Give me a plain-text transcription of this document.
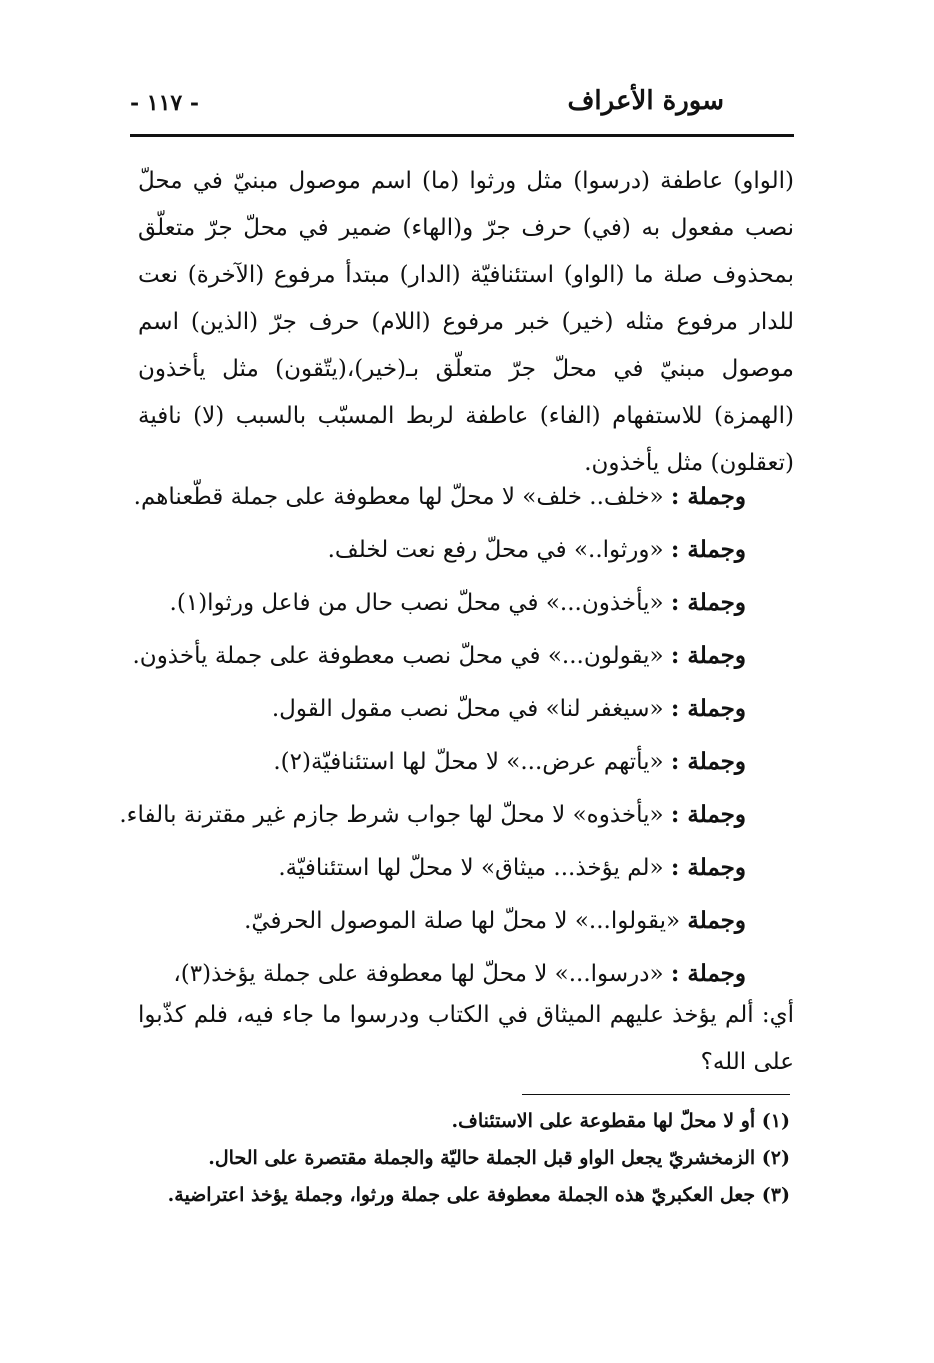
سورة الأعراف
- ١١٧ -

(الواو) عاطفة (درسوا) مثل ورثوا (ما) اسم موصول مبنيّ في محلّ نصب مفعول به (في) حرف جرّ و(الهاء) ضمير في محلّ جرّ متعلّق بمحذوف صلة ما (الواو) استئنافيّة (الدار) مبتدأ مرفوع (الآخرة) نعت للدار مرفوع مثله (خير) خبر مرفوع (اللام) حرف جرّ (الذين) اسم موصول مبنيّ في محلّ جرّ متعلّق بـ(خير)،(يتّقون) مثل يأخذون (الهمزة) للاستفهام (الفاء) عاطفة لربط المسبّب بالسبب (لا) نافية (تعقلون) مثل يأخذون.

وجملة : «خلف.. خلف» لا محلّ لها معطوفة على جملة قطّعناهم.
وجملة : «ورثوا..» في محلّ رفع نعت لخلف.
وجملة : «يأخذون...» في محلّ نصب حال من فاعل ورثوا(١).
وجملة : «يقولون...» في محلّ نصب معطوفة على جملة يأخذون.
وجملة : «سيغفر لنا» في محلّ نصب مقول القول.
وجملة : «يأتهم عرض...» لا محلّ لها استئنافيّة(٢).
وجملة : «يأخذوه» لا محلّ لها جواب شرط جازم غير مقترنة بالفاء.
وجملة : «لم يؤخذ... ميثاق» لا محلّ لها استئنافيّة.
وجملة «يقولوا...» لا محلّ لها صلة الموصول الحرفيّ.
وجملة : «درسوا...» لا محلّ لها معطوفة على جملة يؤخذ(٣)،

أي: ألم يؤخذ عليهم الميثاق في الكتاب ودرسوا ما جاء فيه، فلم كذّبوا على الله؟

(١) أو لا محلّ لها مقطوعة على الاستئناف.
(٢) الزمخشريّ يجعل الواو قبل الجملة حاليّة والجملة مقتصرة على الحال.
(٣) جعل العكبريّ هذه الجملة معطوفة على جملة ورثوا، وجملة يؤخذ اعتراضية.
